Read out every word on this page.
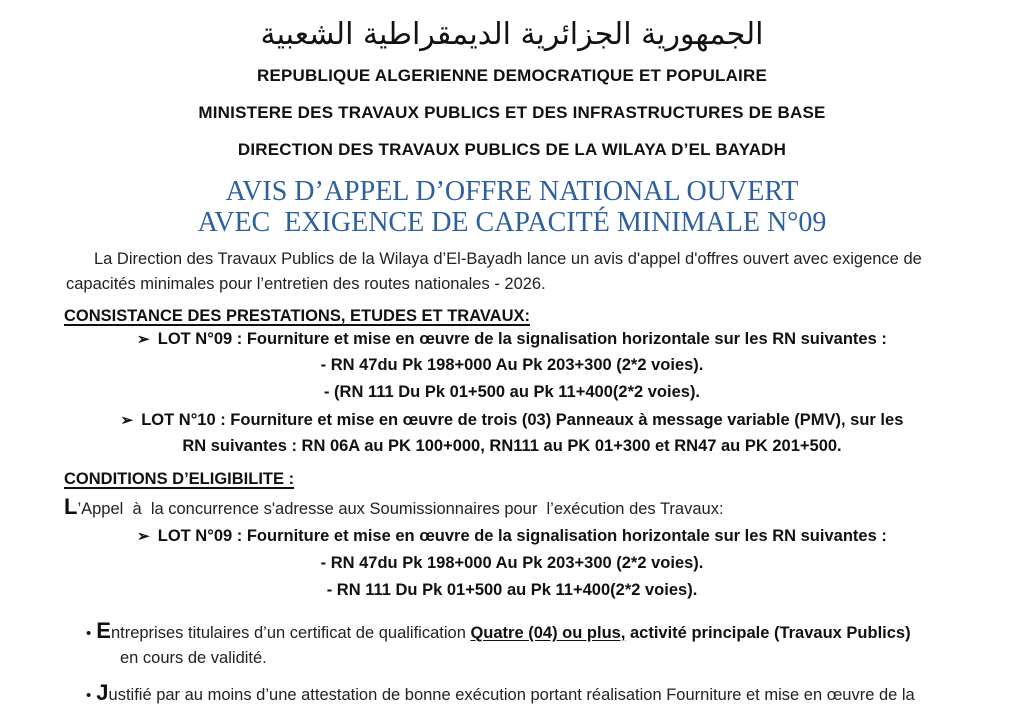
الجمهورية الجزائرية الديمقراطية الشعبية
REPUBLIQUE ALGERIENNE DEMOCRATIQUE ET POPULAIRE
MINISTERE DES TRAVAUX PUBLICS ET DES INFRASTRUCTURES DE BASE
DIRECTION DES TRAVAUX PUBLICS DE LA WILAYA D’EL BAYADH
AVIS D’APPEL D’OFFRE NATIONAL OUVERT
AVEC  EXIGENCE DE CAPACITÉ MINIMALE N°09

La Direction des Travaux Publics de la Wilaya d’El-Bayadh lance un avis d'appel d'offres ouvert avec exigence de capacités minimales pour l’entretien des routes nationales - 2026.

CONSISTANCE DES PRESTATIONS, ETUDES ET TRAVAUX:
➢ LOT N°09 : Fourniture et mise en œuvre de la signalisation horizontale sur les RN suivantes :
- RN 47du Pk 198+000 Au Pk 203+300 (2*2 voies).
- (RN 111 Du Pk 01+500 au Pk 11+400(2*2 voies).
➢ LOT N°10 : Fourniture et mise en œuvre de trois (03) Panneaux à message variable (PMV), sur les
RN suivantes : RN 06A au PK 100+000, RN111 au PK 01+300 et RN47 au PK 201+500.
CONDITIONS D’ELIGIBILITE :
L’Appel  à  la concurrence s'adresse aux Soumissionnaires pour  l’exécution des Travaux:
➢ LOT N°09 : Fourniture et mise en œuvre de la signalisation horizontale sur les RN suivantes :
- RN 47du Pk 198+000 Au Pk 203+300 (2*2 voies).
- RN 111 Du Pk 01+500 au Pk 11+400(2*2 voies).
• Entreprises titulaires d’un certificat de qualification Quatre (04) ou plus, activité principale (Travaux Publics)
en cours de validité.
• Justifié par au moins d’une attestation de bonne exécution portant réalisation Fourniture et mise en œuvre de la
